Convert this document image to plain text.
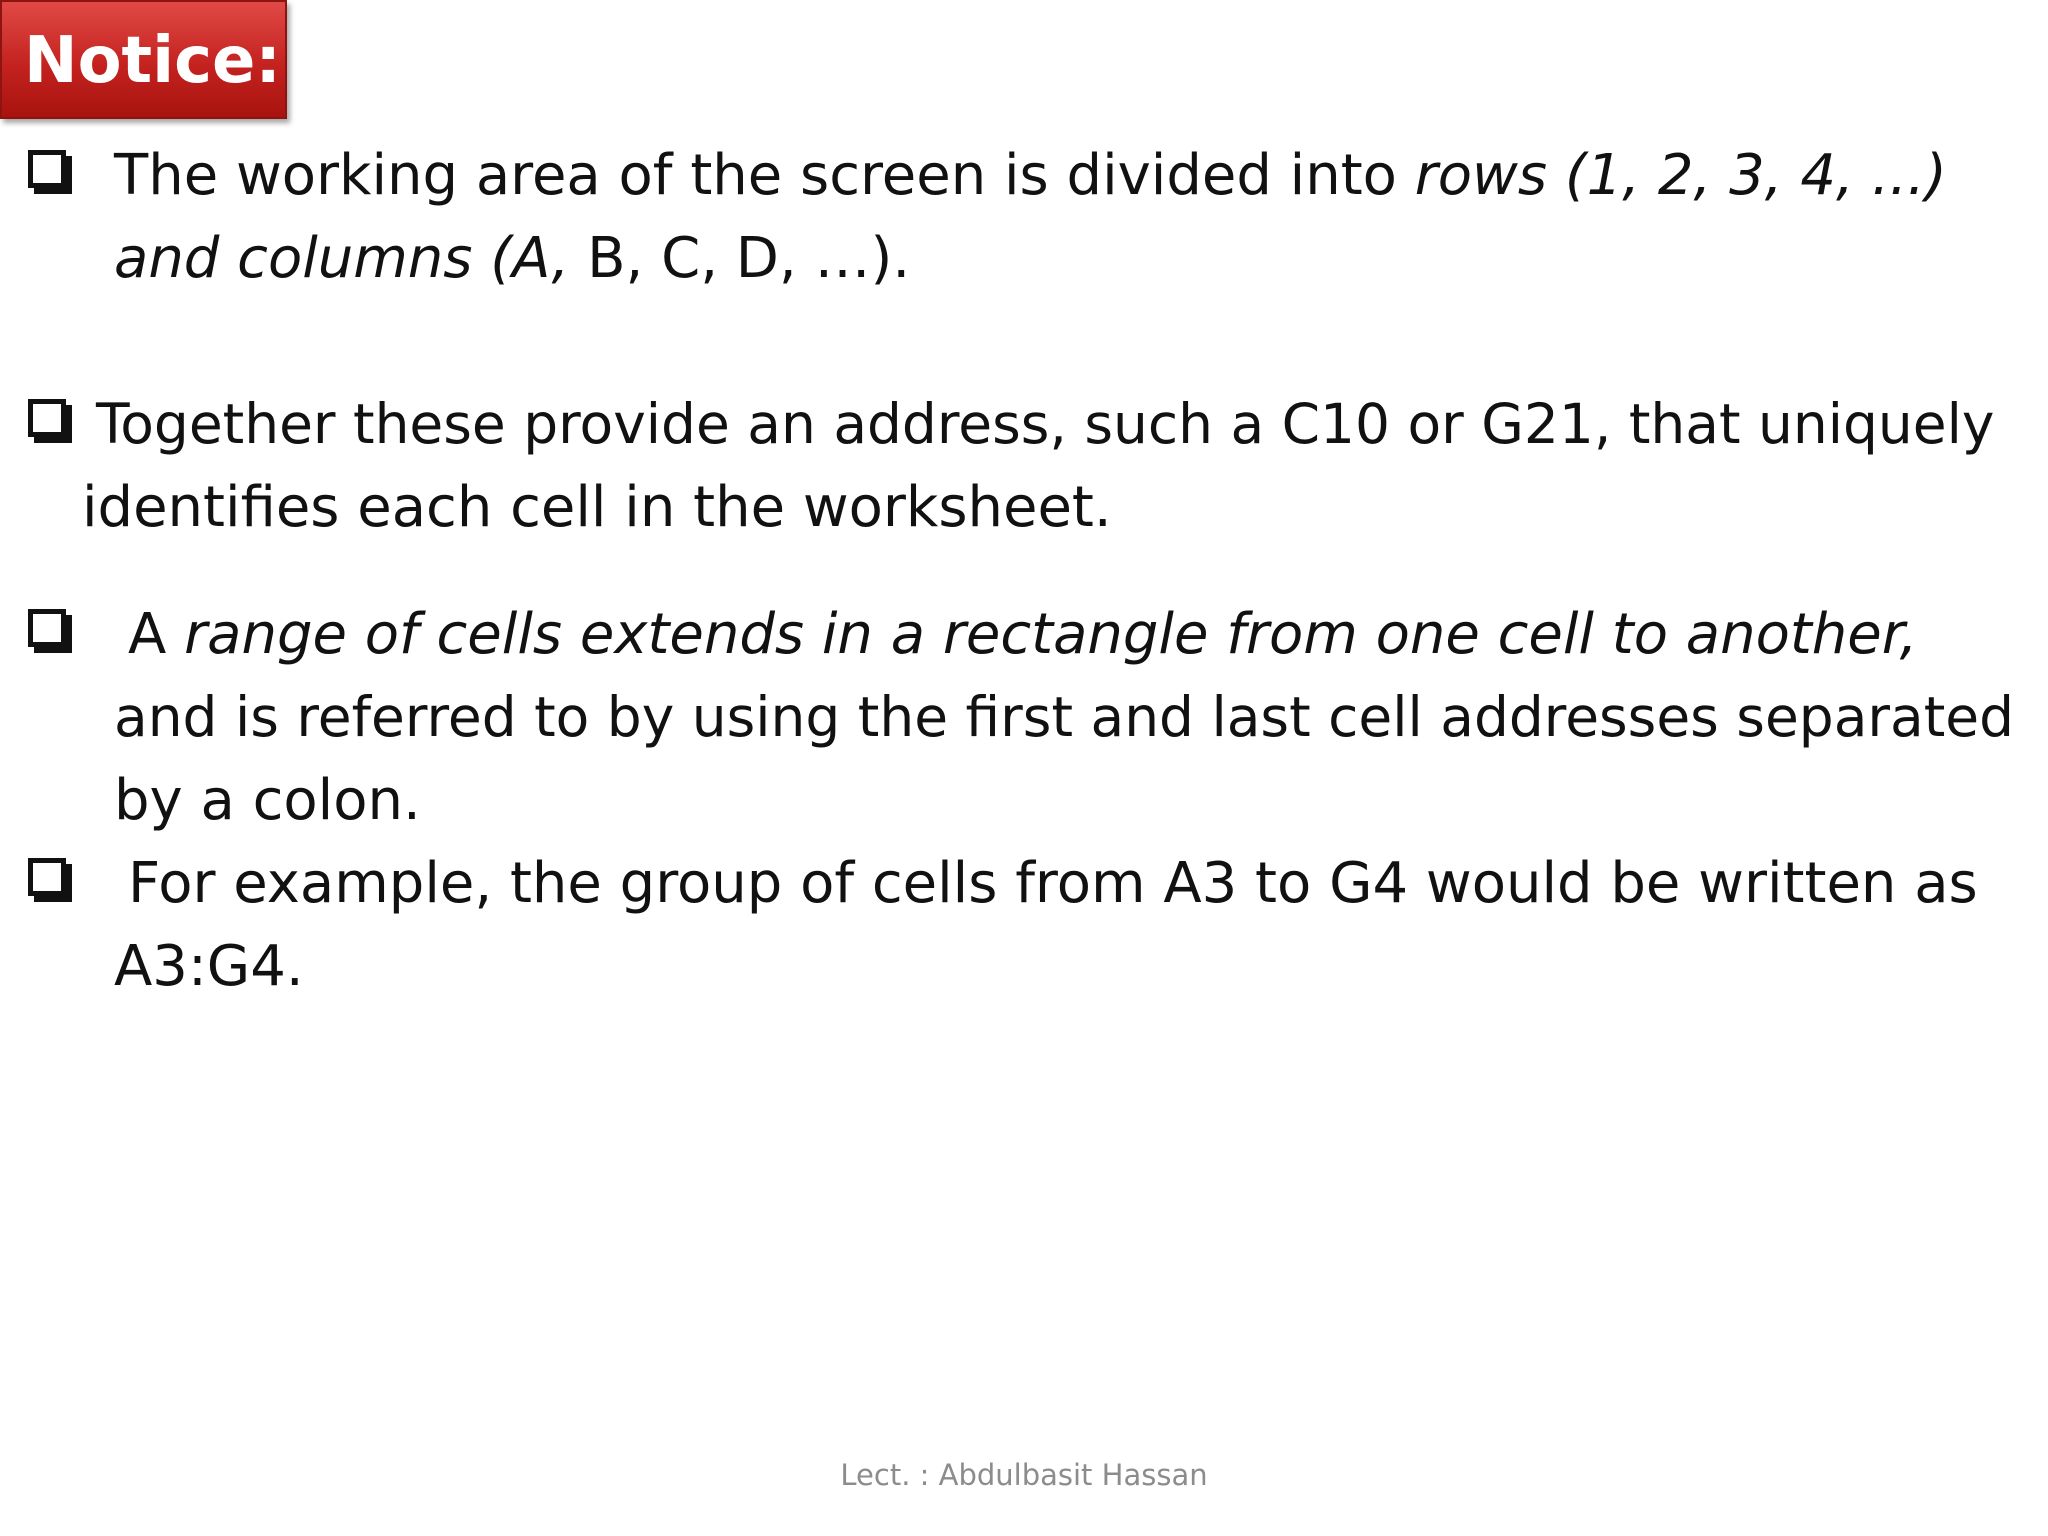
Notice:
The working area of the screen is divided into rows (1, 2, 3, 4, ...)
and columns (A, B, C, D, …).
Together these provide an address, such a C10 or G21, that uniquely
identifies each cell in the worksheet.
A range of cells extends in a rectangle from one cell to another,
and is referred to by using the first and last cell addresses separated
by a colon.
For example, the group of cells from A3 to G4 would be written as
A3:G4.
Lect. : Abdulbasit Hassan
